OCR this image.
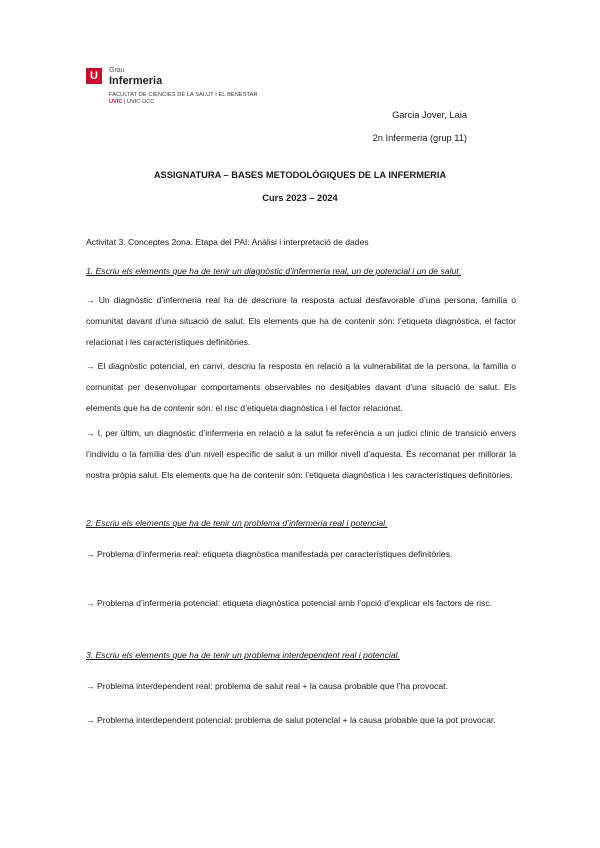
U	Grau
Infermeria
FACULTAT DE CIÈNCIES DE LA SALUT I EL BENESTAR
UVIC | UVIC·UCC
Garcia Jover, Laia
2n Infermeria (grup 11)
ASSIGNATURA – BASES METODOLÒGIQUES DE LA INFERMERIA
Curs 2023 – 2024
Activitat 3. Conceptes 2ona. Etapa del PAI: Anàlisi i interpretació de dades
1. Escriu els elements que ha de tenir un diagnòstic d’infermeria real, un de potencial i un de salut.
→ Un diagnòstic d’infermeria real ha de descriure la resposta actual desfavorable d’una persona, família o comunitat davant d’una situació de salut. Els elements que ha de contenir són: l’etiqueta diagnòstica, el factor relacionat i les característiques definitòries.
→ El diagnòstic potencial, en canvi, descriu la resposta en relació a la vulnerabilitat de la persona, la família o comunitat per desenvolupar comportaments observables no desitjables davant d’una situació de salut. Els elements que ha de contenir són: el risc d’etiqueta diagnòstica i el factor relacionat.
→ I, per últim, un diagnòstic d’infermeria en relació a la salut fa referència a un judici clínic de transició envers l’individu o la família des d’un nivell específic de salut a un millor nivell d’aquesta. És recomanat per millorar la nostra pròpia salut. Els elements que ha de contenir són: l’etiqueta diagnòstica i les característiques definitòries.
2. Escriu els elements que ha de tenir un problema d’infermeria real i potencial.
→ Problema d’infermeria real: etiqueta diagnòstica manifestada per característiques definitòries.
→ Problema d’infermeria potencial: etiqueta diagnòstica potencial amb l’opció d’explicar els factors de risc.
3. Escriu els elements que ha de tenir un problema interdependent real i potencial.
→ Problema interdependent real: problema de salut real + la causa probable que l’ha provocat.
→ Problema interdependent potencial: problema de salut potencial + la causa probable que la pot provocar.
